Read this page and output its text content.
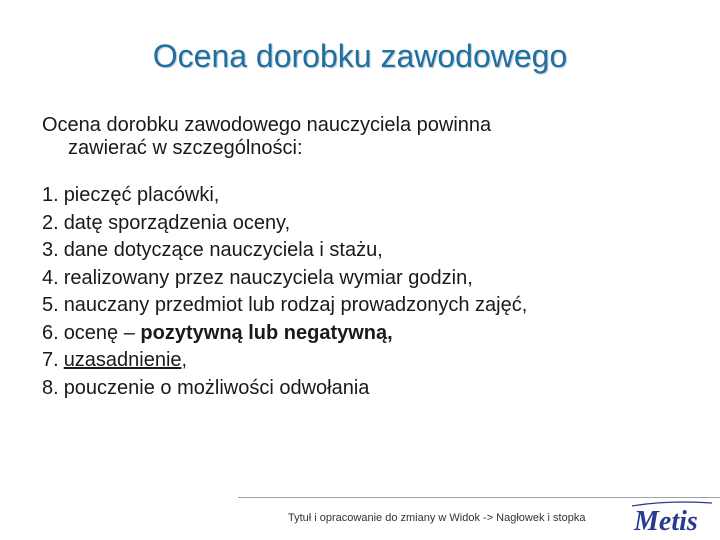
Ocena dorobku zawodowego
Ocena dorobku zawodowego nauczyciela powinna
zawierać w szczególności:
1. pieczęć placówki,
2. datę sporządzenia oceny,
3. dane dotyczące nauczyciela i stażu,
4. realizowany przez nauczyciela wymiar godzin,
5. nauczany przedmiot lub rodzaj prowadzonych zajęć,
6. ocenę – pozytywną lub negatywną,
7. uzasadnienie,
8. pouczenie o możliwości odwołania
Tytuł i opracowanie do zmiany w Widok -> Nagłowek i stopka Metis
